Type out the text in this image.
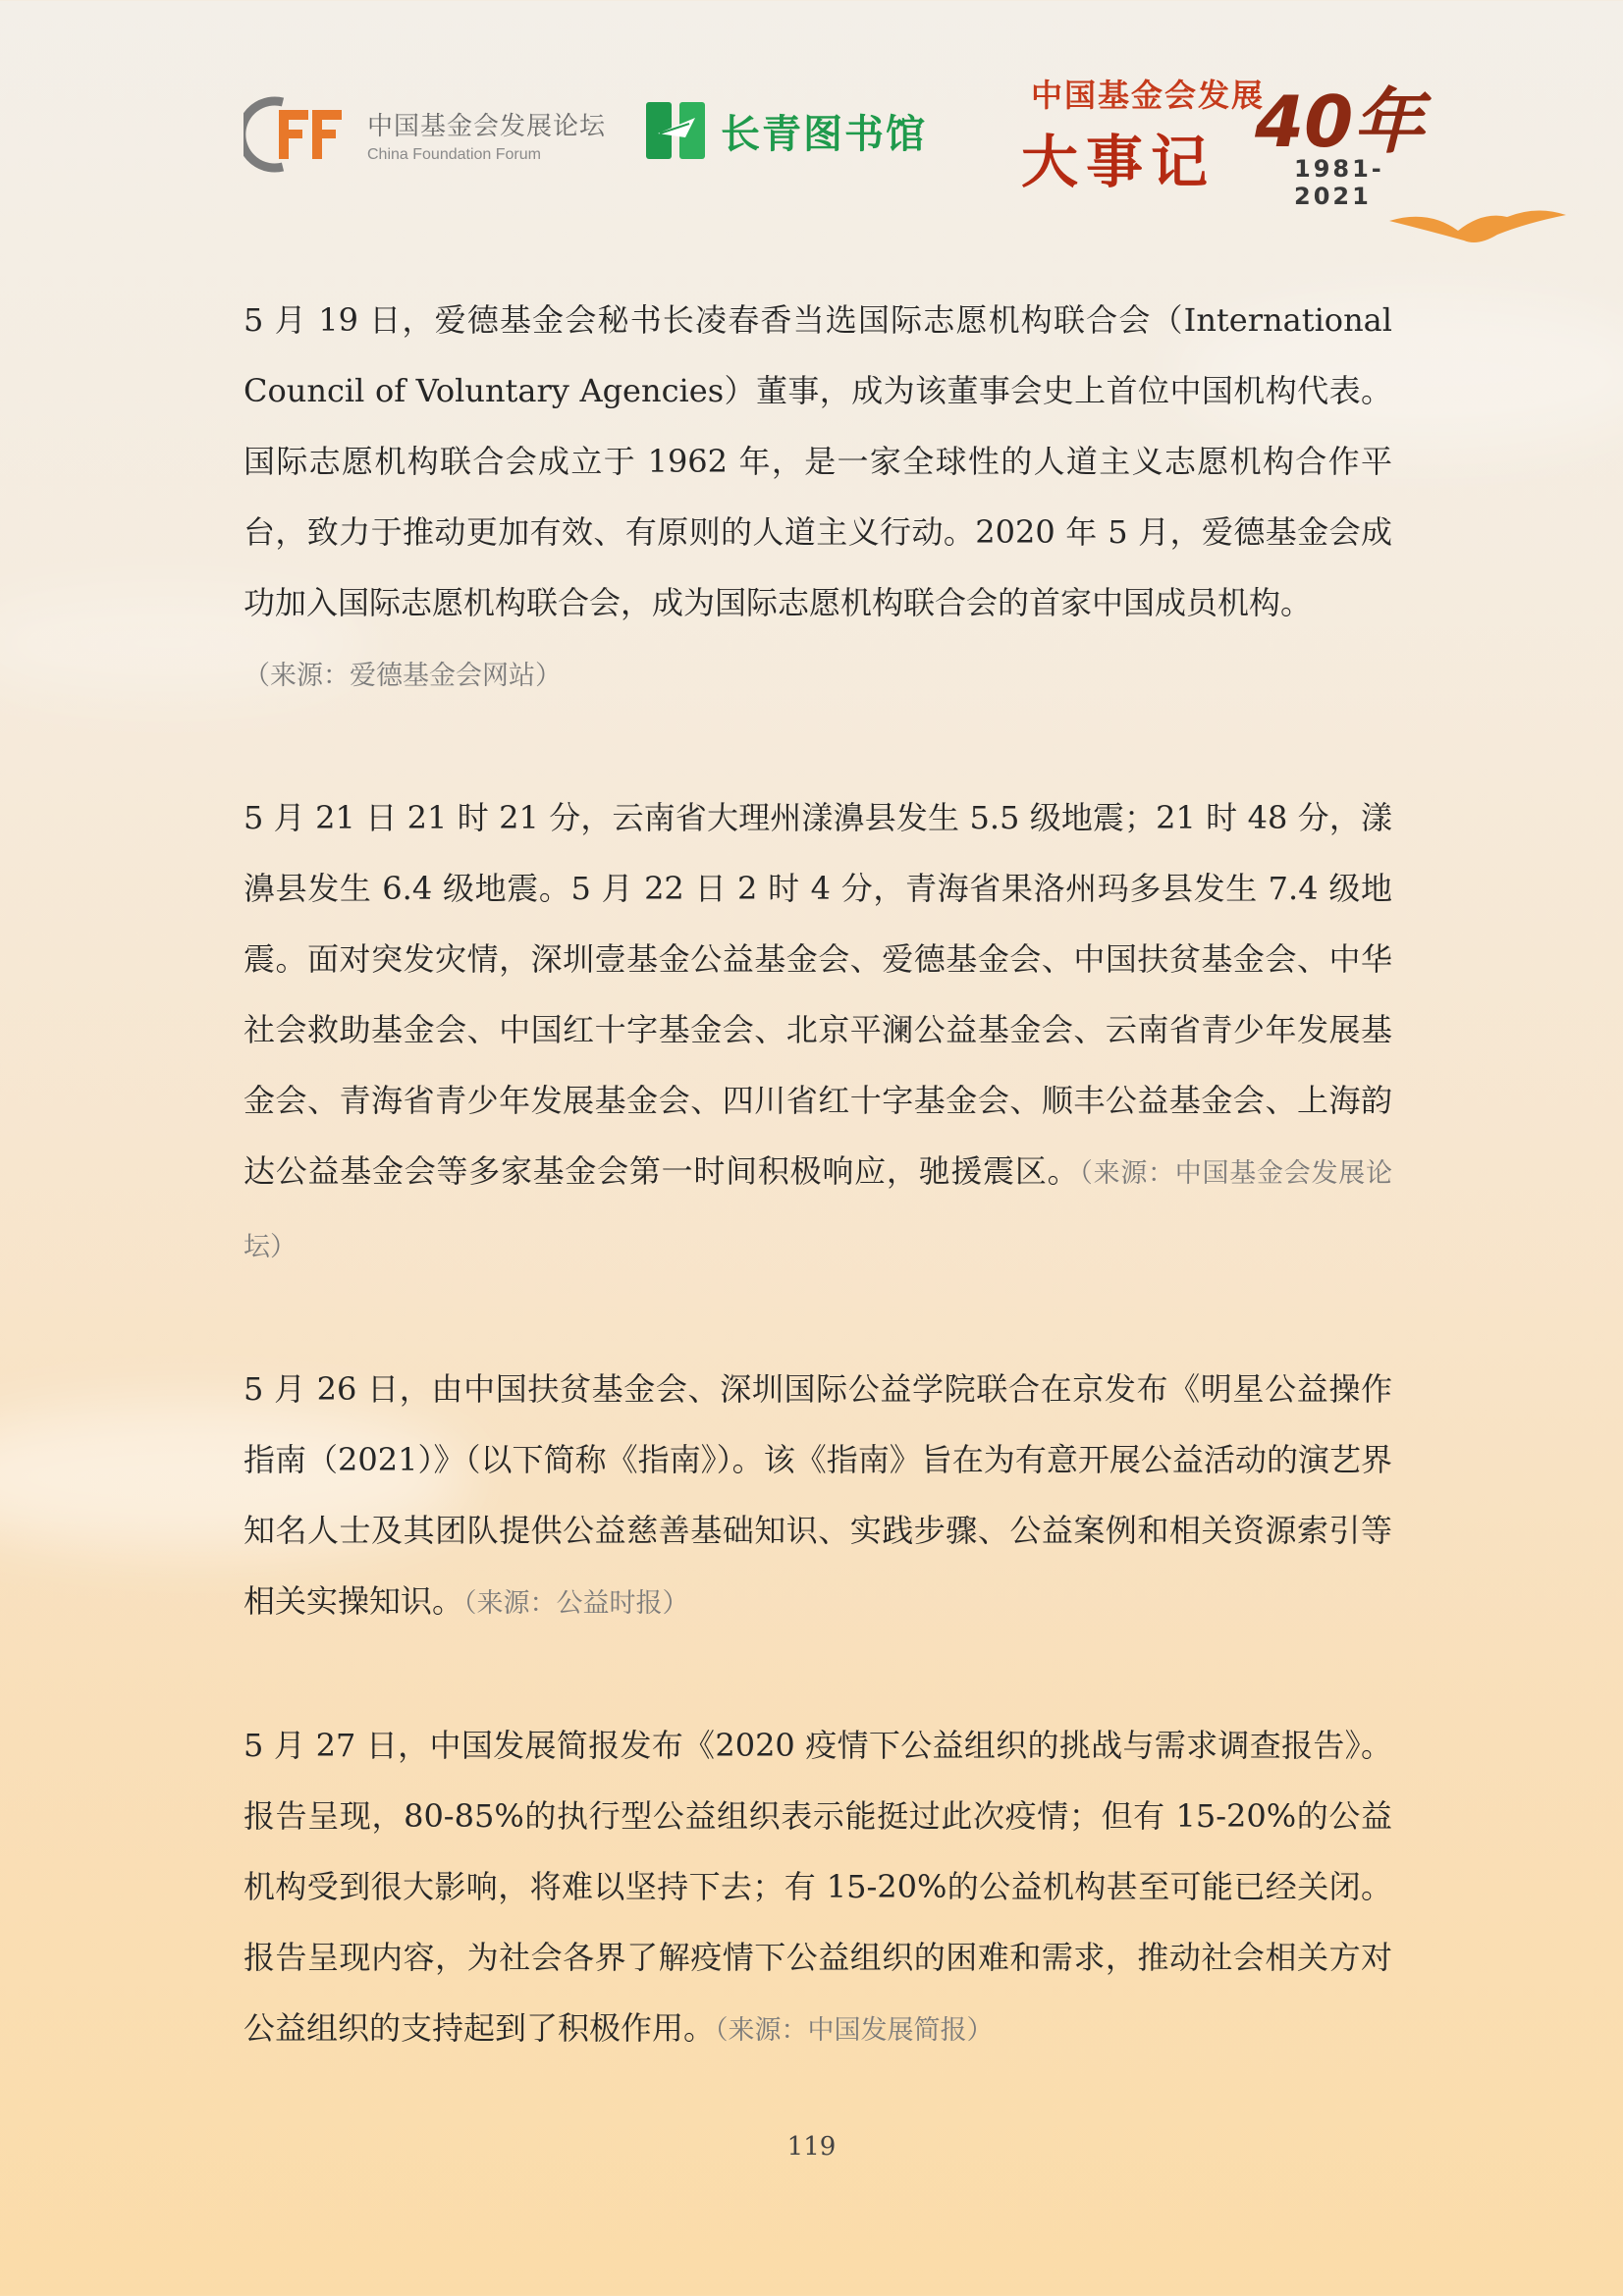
中国基金会发展论坛
China Foundation Forum	长青图书馆
中国基金会发展
大事记 40年
1981-2021
5 月 19 日，爱德基金会秘书长凌春香当选国际志愿机构联合会（International Council of Voluntary Agencies）董事，成为该董事会史上首位中国机构代表。国际志愿机构联合会成立于 1962 年，是一家全球性的人道主义志愿机构合作平台，致力于推动更加有效、有原则的人道主义行动。2020 年 5 月，爱德基金会成功加入国际志愿机构联合会，成为国际志愿机构联合会的首家中国成员机构。
（来源：爱德基金会网站）
5 月 21 日 21 时 21 分，云南省大理州漾濞县发生 5.5 级地震；21 时 48 分，漾濞县发生 6.4 级地震。5 月 22 日 2 时 4 分，青海省果洛州玛多县发生 7.4 级地震。面对突发灾情，深圳壹基金公益基金会、爱德基金会、中国扶贫基金会、中华社会救助基金会、中国红十字基金会、北京平澜公益基金会、云南省青少年发展基金会、青海省青少年发展基金会、四川省红十字基金会、顺丰公益基金会、上海韵达公益基金会等多家基金会第一时间积极响应，驰援震区。（来源：中国基金会发展论坛）
5 月 26 日，由中国扶贫基金会、深圳国际公益学院联合在京发布《明星公益操作指南（2021）》（以下简称《指南》）。该《指南》旨在为有意开展公益活动的演艺界知名人士及其团队提供公益慈善基础知识、实践步骤、公益案例和相关资源索引等相关实操知识。（来源：公益时报）
5 月 27 日，中国发展简报发布《2020 疫情下公益组织的挑战与需求调查报告》。报告呈现，80-85%的执行型公益组织表示能挺过此次疫情；但有 15-20%的公益机构受到很大影响，将难以坚持下去；有 15-20%的公益机构甚至可能已经关闭。报告呈现内容，为社会各界了解疫情下公益组织的困难和需求，推动社会相关方对公益组织的支持起到了积极作用。（来源：中国发展简报）
119
